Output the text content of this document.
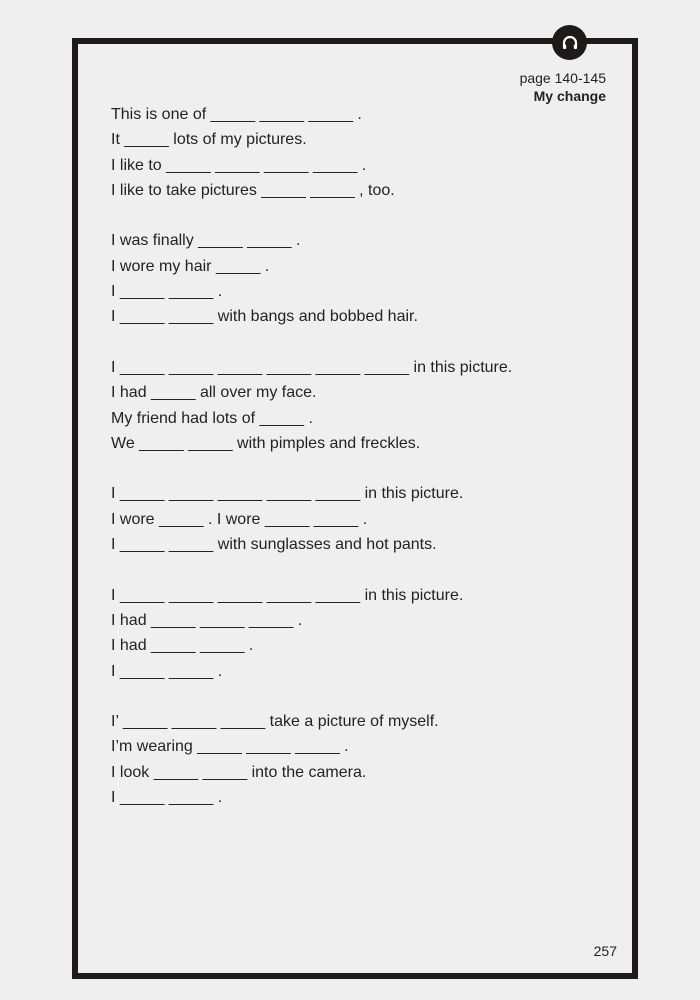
page 140-145
My change
This is one of _____ _____ _____ .
It _____ lots of my pictures.
I like to _____ _____ _____ _____ .
I like to take pictures _____ _____ , too.
I was finally _____ _____ .
I wore my hair _____ .
I _____ _____ .
I _____ _____ with bangs and bobbed hair.
I _____ _____ _____ _____ _____ _____ in this picture.
I had _____ all over my face.
My friend had lots of _____ .
We _____ _____ with pimples and freckles.
I _____ _____ _____ _____ _____ in this picture.
I wore _____ . I wore _____ _____ .
I _____ _____ with sunglasses and hot pants.
I _____ _____ _____ _____ _____ in this picture.
I had _____ _____ _____ .
I had _____ _____ .
I _____ _____ .
I’ _____ _____ _____ take a picture of myself.
I’m wearing _____ _____ _____ .
I look _____ _____ into the camera.
I _____ _____ .
257
